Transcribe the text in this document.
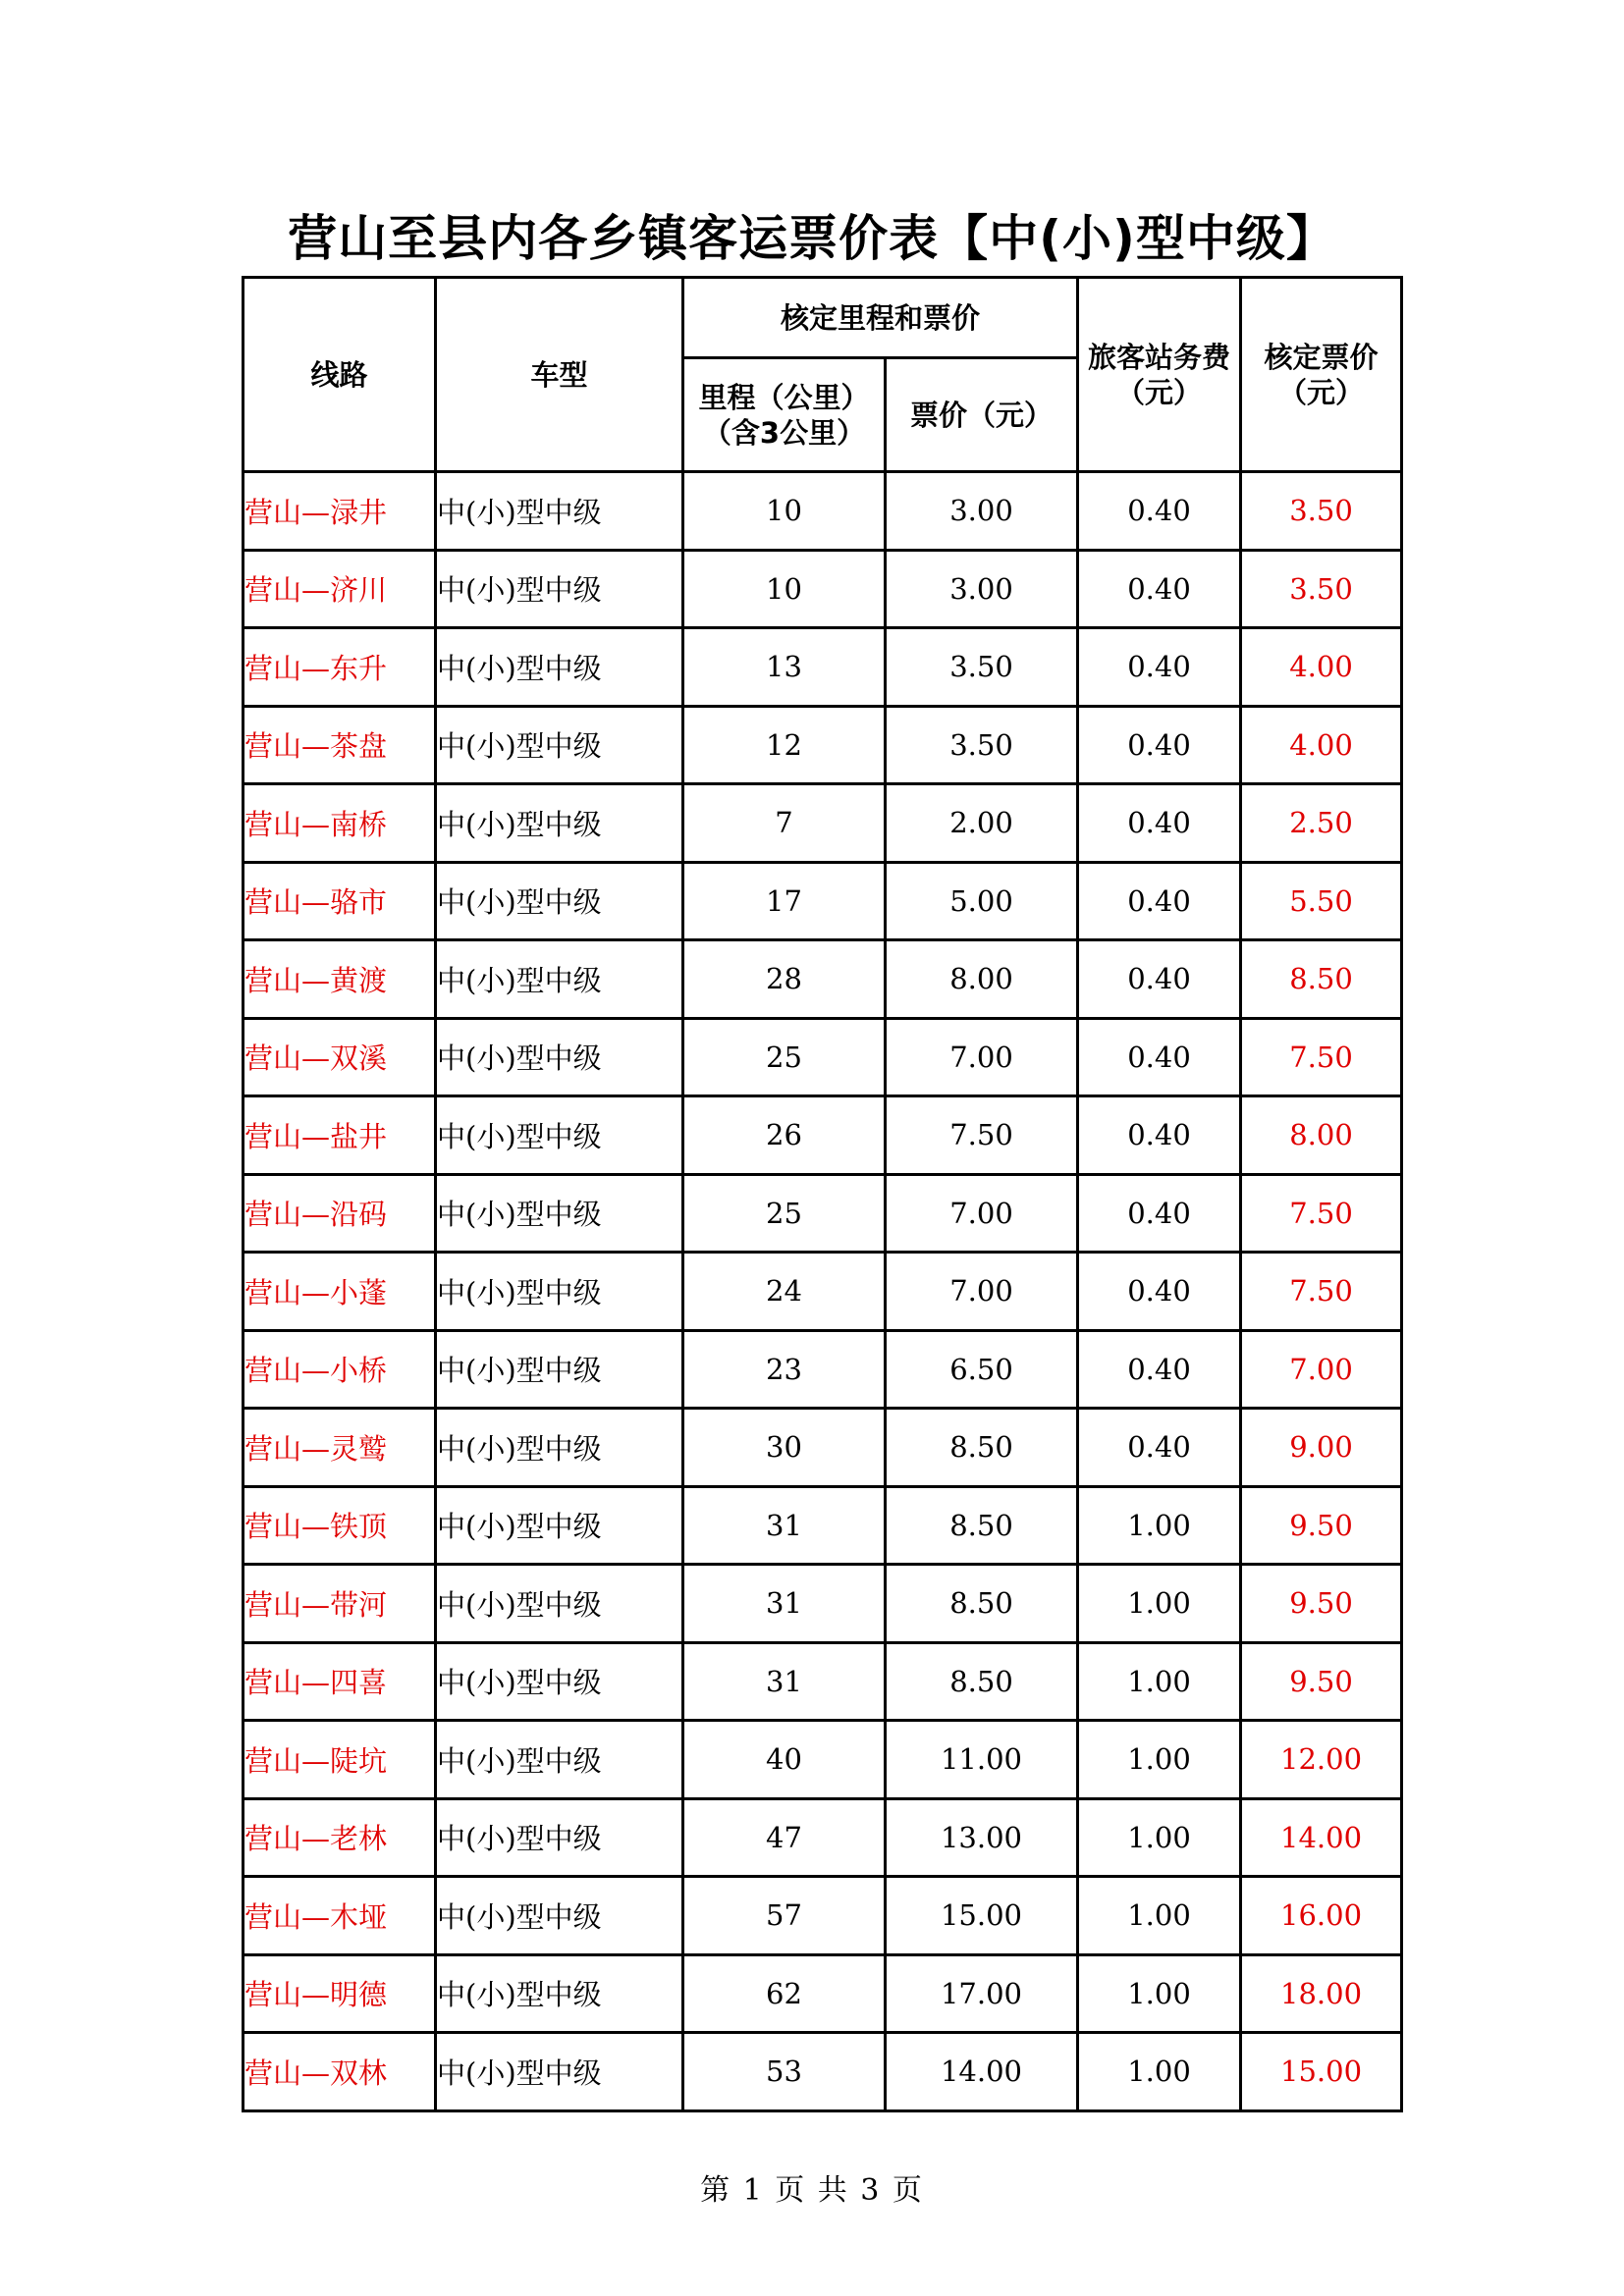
营山至县内各乡镇客运票价表【中(小)型中级】
线路	车型	核定里程和票价		旅客站务费（元）	核定票价（元）
		里程（公里）（含3公里）	票价（元）		
营山—渌井	中(小)型中级	10	3.00	0.40	3.50
营山—济川	中(小)型中级	10	3.00	0.40	3.50
营山—东升	中(小)型中级	13	3.50	0.40	4.00
营山—茶盘	中(小)型中级	12	3.50	0.40	4.00
营山—南桥	中(小)型中级	7	2.00	0.40	2.50
营山—骆市	中(小)型中级	17	5.00	0.40	5.50
营山—黄渡	中(小)型中级	28	8.00	0.40	8.50
营山—双溪	中(小)型中级	25	7.00	0.40	7.50
营山—盐井	中(小)型中级	26	7.50	0.40	8.00
营山—沿码	中(小)型中级	25	7.00	0.40	7.50
营山—小蓬	中(小)型中级	24	7.00	0.40	7.50
营山—小桥	中(小)型中级	23	6.50	0.40	7.00
营山—灵鹫	中(小)型中级	30	8.50	0.40	9.00
营山—铁顶	中(小)型中级	31	8.50	1.00	9.50
营山—带河	中(小)型中级	31	8.50	1.00	9.50
营山—四喜	中(小)型中级	31	8.50	1.00	9.50
营山—陡坑	中(小)型中级	40	11.00	1.00	12.00
营山—老林	中(小)型中级	47	13.00	1.00	14.00
营山—木垭	中(小)型中级	57	15.00	1.00	16.00
营山—明德	中(小)型中级	62	17.00	1.00	18.00
营山—双林	中(小)型中级	53	14.00	1.00	15.00
第 1 页 共 3 页
